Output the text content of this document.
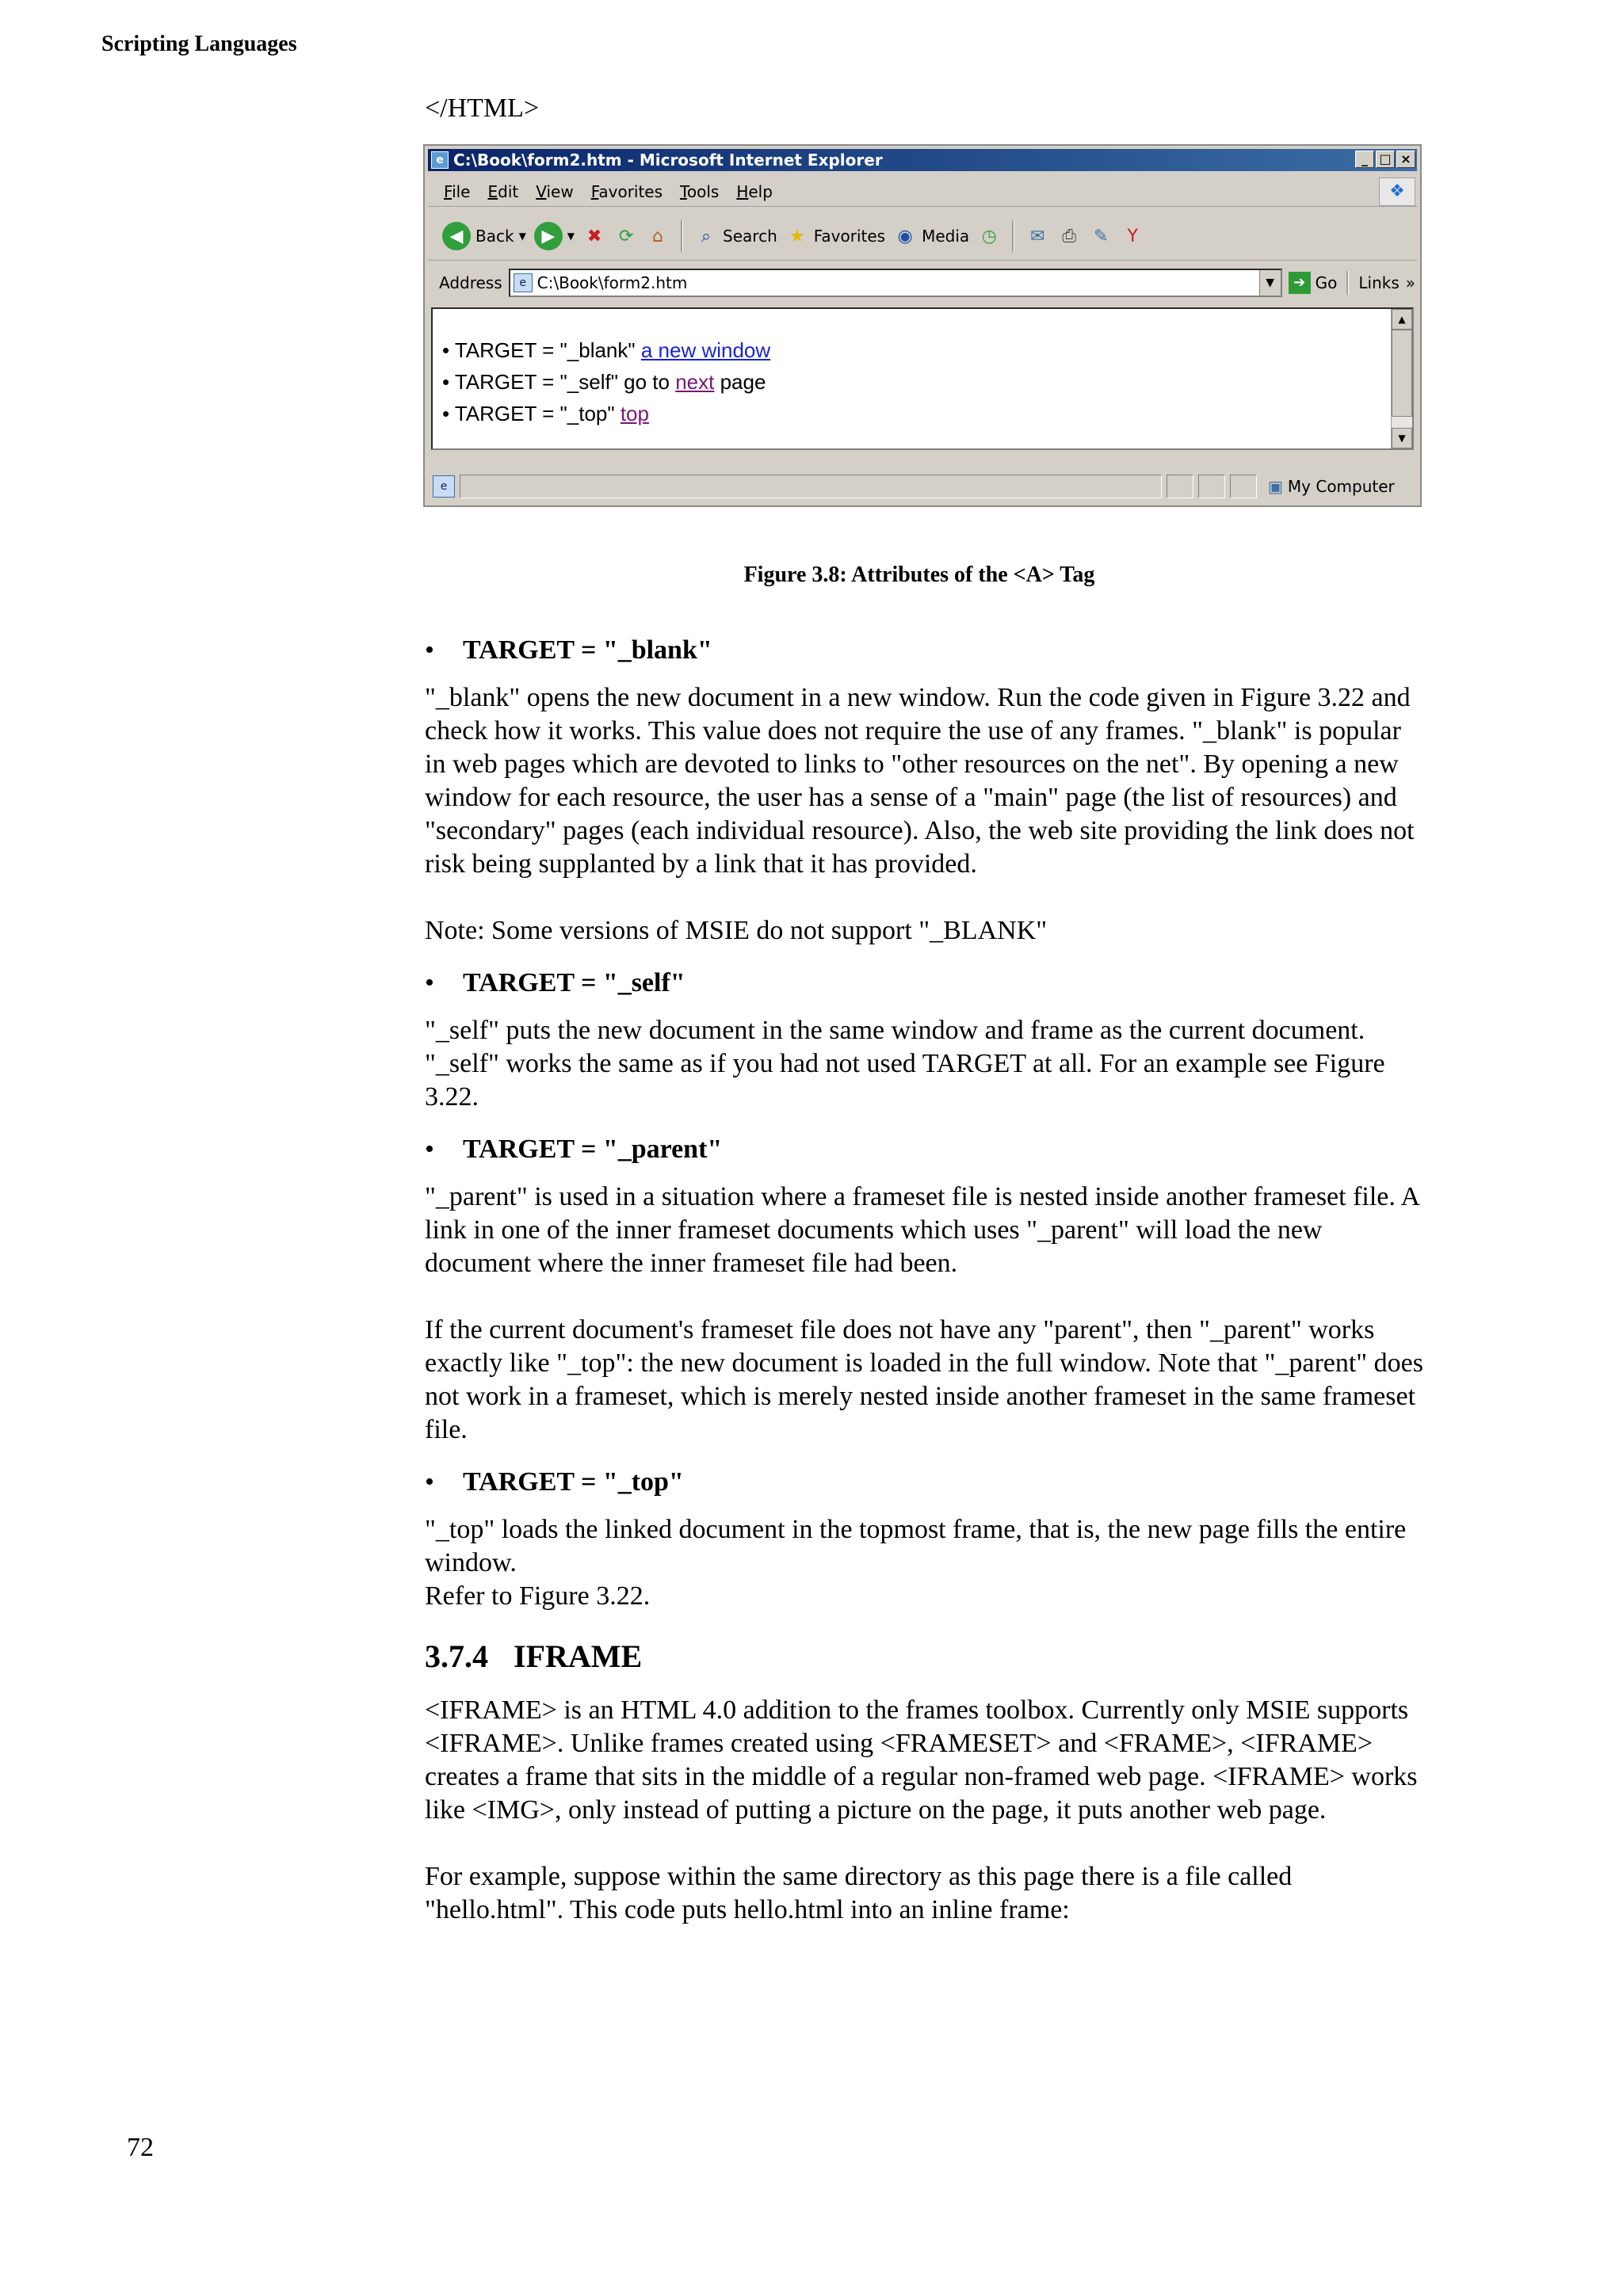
Scripting Languages
</HTML>
e C:\Book\form2.htm - Microsoft Internet Explorer	_ □ ×
File Edit View Favorites Tools Help	❖
◀ Back ▼ ▶	▼ ✖ ⟳	⌂	⌕ Search ★ Favorites ◉ Media ◷ ✉ ⎙ ✎	Y
Address	e C:\Book\form2.htm	▼	➔ Go Links »
• TARGET = "_blank" a new window
• TARGET = "_self" go to next page
• TARGET = "_top" top
▲
▼
e	▣ My Computer
Figure 3.8: Attributes of the <A> Tag
•	TARGET = "_blank"

"_blank" opens the new document in a new window. Run the code given in Figure 3.22 and check how it works. This value does not require the use of any frames. "_blank" is popular in web pages which are devoted to links to "other resources on the net". By opening a new window for each resource, the user has a sense of a "main" page (the list of resources) and "secondary" pages (each individual resource). Also, the web site providing the link does not risk being supplanted by a link that it has provided.

Note: Some versions of MSIE do not support "_BLANK"

•	TARGET = "_self"

"_self" puts the new document in the same window and frame as the current document. "_self" works the same as if you had not used TARGET at all. For an example see Figure 3.22.

•	TARGET = "_parent"

"_parent" is used in a situation where a frameset file is nested inside another frameset file. A link in one of the inner frameset documents which uses "_parent" will load the new document where the inner frameset file had been.

If the current document's frameset file does not have any "parent", then "_parent" works exactly like "_top": the new document is loaded in the full window. Note that "_parent" does not work in a frameset, which is merely nested inside another frameset in the same frameset file.

•	TARGET = "_top"

"_top" loads the linked document in the topmost frame, that is, the new page fills the entire window.

Refer to Figure 3.22.

3.7.4 IFRAME

<IFRAME> is an HTML 4.0 addition to the frames toolbox. Currently only MSIE supports <IFRAME>. Unlike frames created using <FRAMESET> and <FRAME>, <IFRAME> creates a frame that sits in the middle of a regular non-framed web page. <IFRAME> works like <IMG>, only instead of putting a picture on the page, it puts another web page.

For example, suppose within the same directory as this page there is a file called "hello.html". This code puts hello.html into an inline frame:

72
